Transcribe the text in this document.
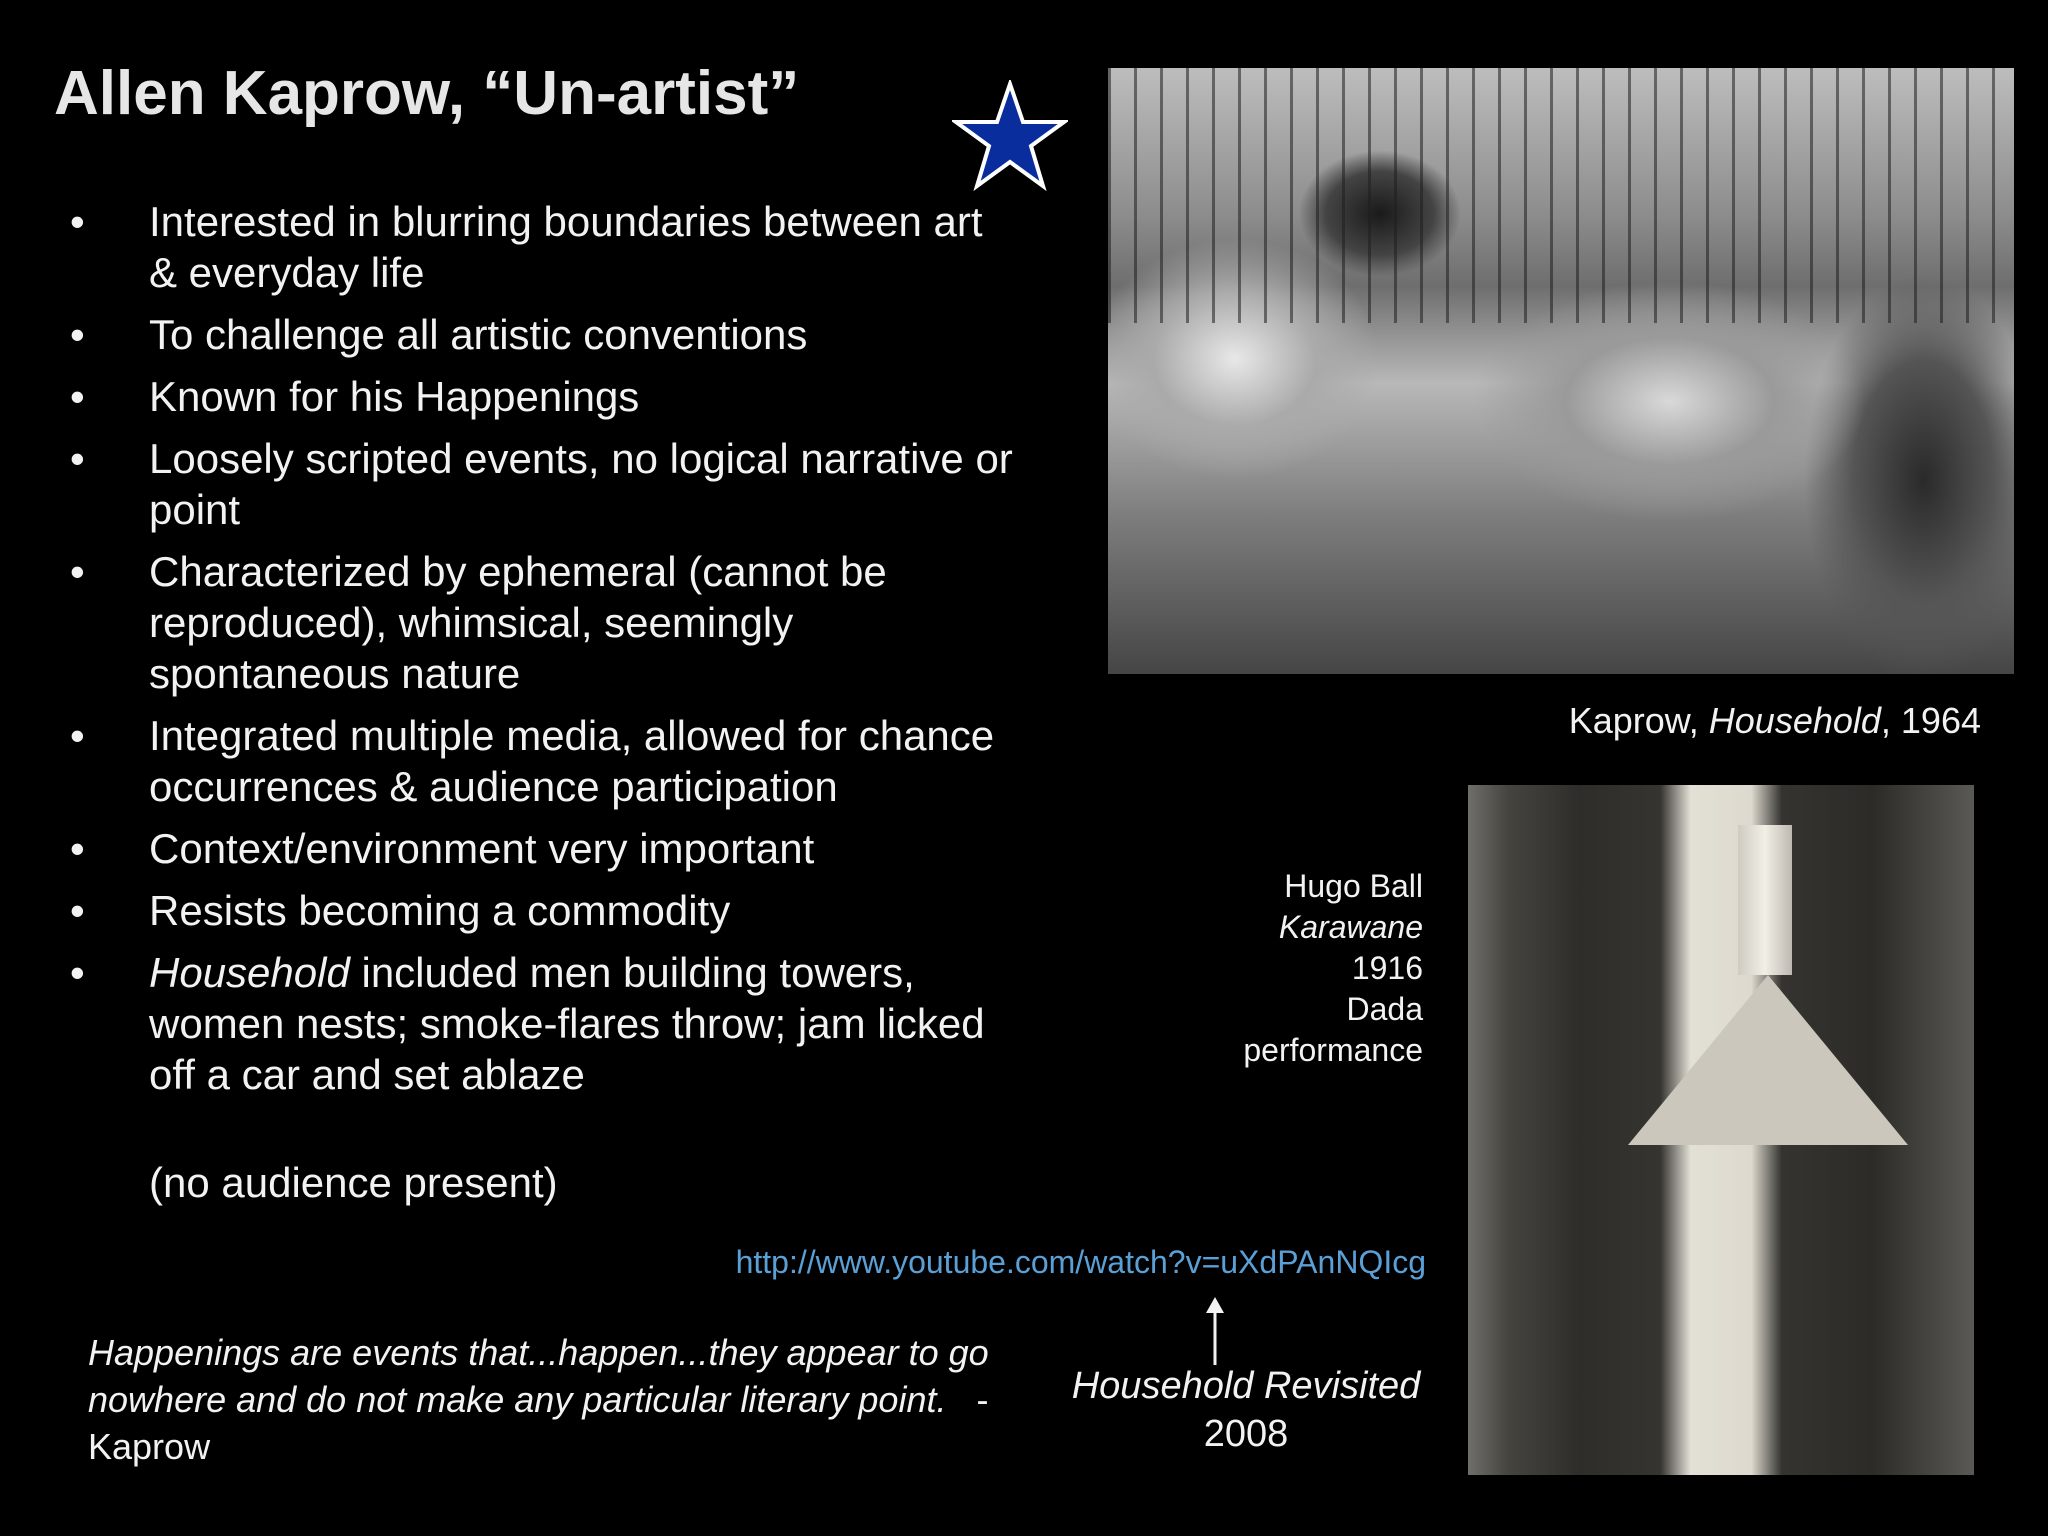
Allen Kaprow, “Un-artist”
• Interested in blurring boundaries between art & everyday life
• To challenge all artistic conventions
• Known for his Happenings
• Loosely scripted events, no logical narrative or point
• Characterized by ephemeral (cannot be reproduced), whimsical, seemingly spontaneous nature
• Integrated multiple media, allowed for chance occurrences & audience participation
• Context/environment very important
• Resists becoming a commodity
• Household included men building towers, women nests; smoke-flares throw; jam licked off a car and set ablaze
(no audience present)
Kaprow, Household, 1964
Hugo Ball
Karawane
1916
Dada
performance
http://www.youtube.com/watch?v=uXdPAnNQIcg
Household Revisited
2008
Happenings are events that...happen...they appear to go nowhere and do not make any particular literary point. -Kaprow
